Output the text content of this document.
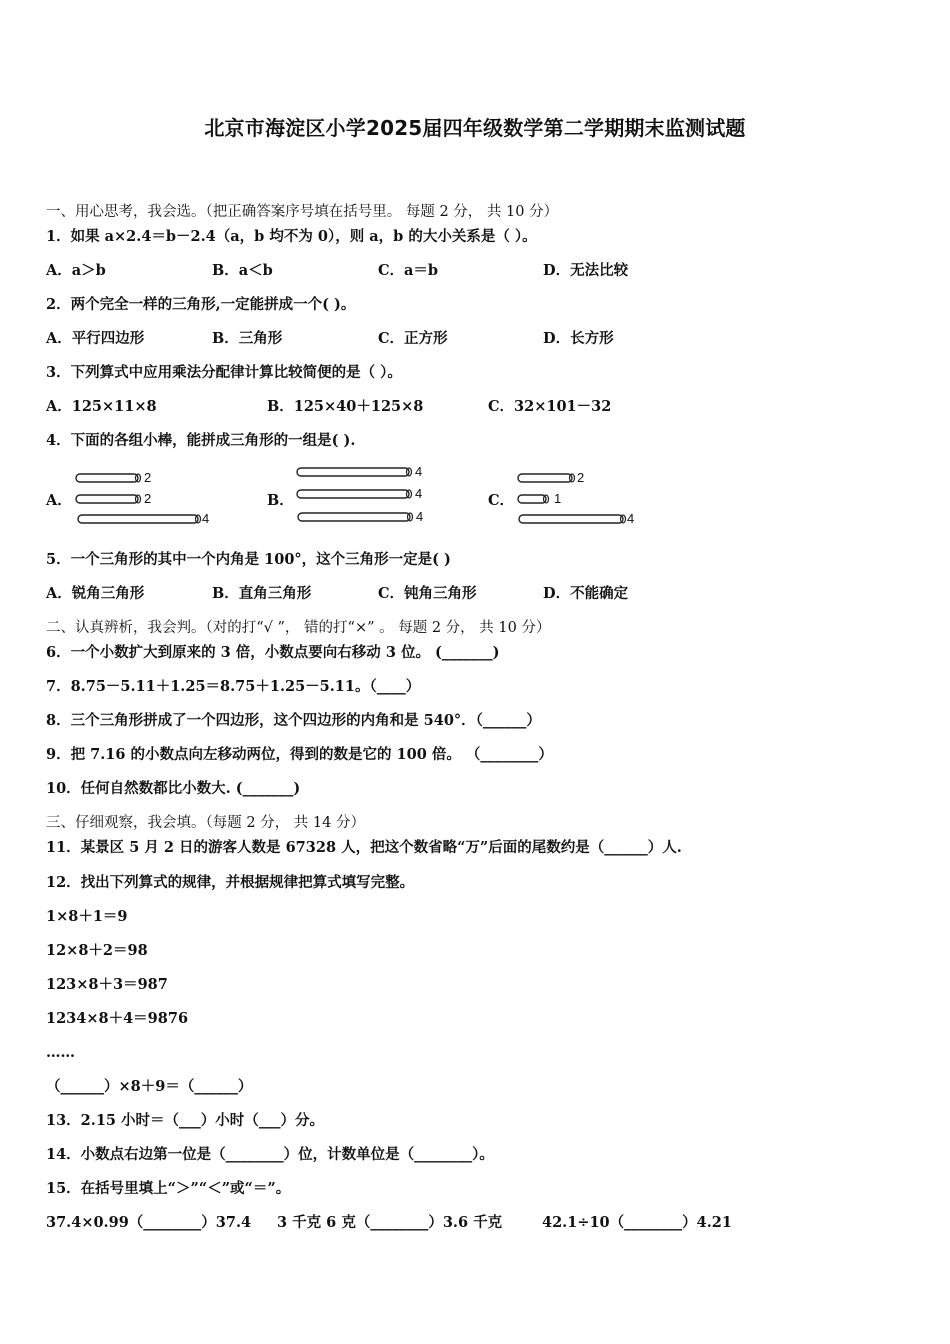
北京市海淀区小学2025届四年级数学第二学期期末监测试题
一、用心思考，我会选。（把正确答案序号填在括号里。 每题 2 分， 共 10 分）
1．如果 a×2.4＝b－2.4（a，b 均不为 0），则 a，b 的大小关系是（ ）。
A．a＞b	B．a＜b	C．a＝b	D．无法比较
2．两个完全一样的三角形,一定能拼成一个( )。
A．平行四边形	B．三角形	C．正方形	D．长方形
3．下列算式中应用乘法分配律计算比较简便的是（ ）。
A．125×11×8	B．125×40＋125×8	C．32×101－32
4．下面的各组小棒，能拼成三角形的一组是( ).
A．	B．	C．
2
2
4
4
4
4
2
1
4
5．一个三角形的其中一个内角是 100°，这个三角形一定是( )
A．锐角三角形	B．直角三角形	C．钝角三角形	D．不能确定
二、认真辨析，我会判。（对的打“√ ”， 错的打“×” 。 每题 2 分， 共 10 分）
6．一个小数扩大到原来的 3 倍，小数点要向右移动 3 位。 (_______)
7．8.75－5.11＋1.25＝8.75＋1.25－5.11。（____）
8．三个三角形拼成了一个四边形，这个四边形的内角和是 540°．（______）
9．把 7.16 的小数点向左移动两位，得到的数是它的 100 倍。 （________）
10．任何自然数都比小数大. (_______)
三、仔细观察，我会填。（每题 2 分， 共 14 分）
11．某景区 5 月 2 日的游客人数是 67328 人，把这个数省略“万”后面的尾数约是（______）人.
12．找出下列算式的规律，并根据规律把算式填写完整。
1×8＋1＝9
12×8＋2＝98
123×8＋3＝987
1234×8＋4＝9876
……
（______）×8＋9＝（______）
13．2.15 小时＝（___）小时（___）分。
14．小数点右边第一位是（________）位，计数单位是（________）。
15．在括号里填上“＞”“＜”或“＝”。
37.4×0.99（________）37.4 3 千克 6 克（________）3.6 千克	42.1÷10（________）4.21
